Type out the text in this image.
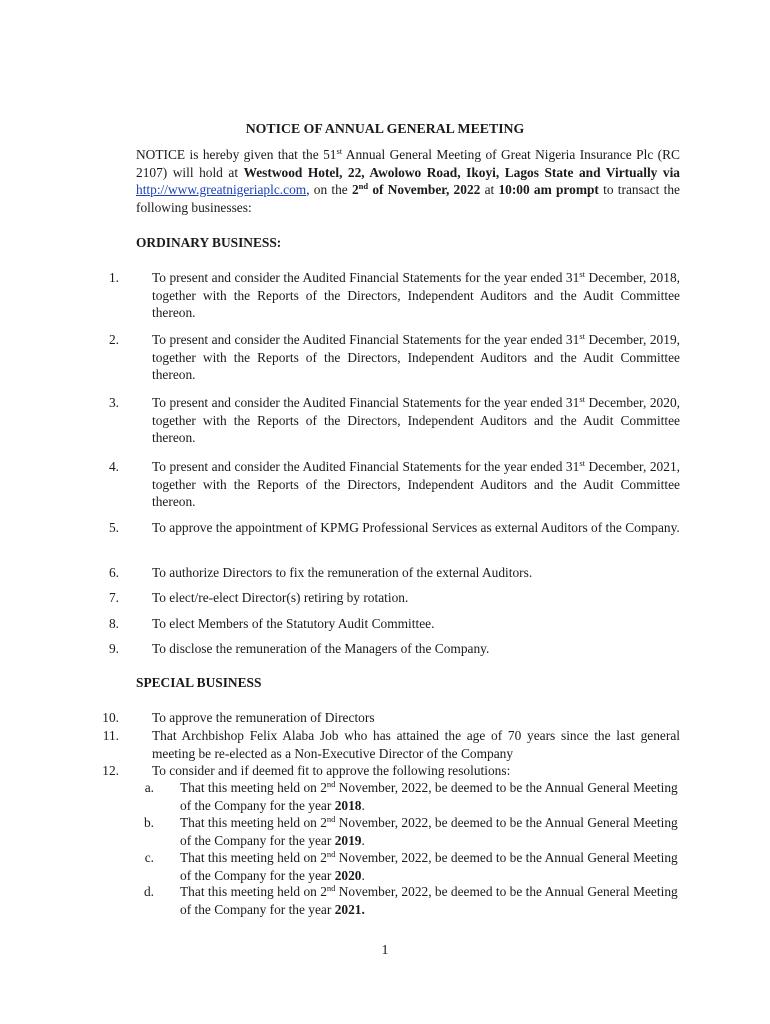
NOTICE OF ANNUAL GENERAL MEETING

NOTICE is hereby given that the 51st Annual General Meeting of Great Nigeria Insurance Plc (RC 2107) will hold at Westwood Hotel, 22, Awolowo Road, Ikoyi, Lagos State and Virtually via http://www.greatnigeriaplc.com, on the 2nd of November, 2022 at 10:00 am prompt to transact the following businesses:

ORDINARY BUSINESS:
1. To present and consider the Audited Financial Statements for the year ended 31st December, 2018, together with the Reports of the Directors, Independent Auditors and the Audit Committee thereon.

2. To present and consider the Audited Financial Statements for the year ended 31st December, 2019, together with the Reports of the Directors, Independent Auditors and the Audit Committee thereon.

3. To present and consider the Audited Financial Statements for the year ended 31st December, 2020, together with the Reports of the Directors, Independent Auditors and the Audit Committee thereon.

4. To present and consider the Audited Financial Statements for the year ended 31st December, 2021, together with the Reports of the Directors, Independent Auditors and the Audit Committee thereon.

5. To approve the appointment of KPMG Professional Services as external Auditors of the Company.
6. To authorize Directors to fix the remuneration of the external Auditors.
7. To elect/re-elect Director(s) retiring by rotation.
8. To elect Members of the Statutory Audit Committee.
9. To disclose the remuneration of the Managers of the Company.
SPECIAL BUSINESS
10. To approve the remuneration of Directors
11. That Archbishop Felix Alaba Job who has attained the age of 70 years since the last general meeting be re-elected as a Non-Executive Director of the Company
12. To consider and if deemed fit to approve the following resolutions:
a. That this meeting held on 2nd November, 2022, be deemed to be the Annual General Meeting of the Company for the year 2018.
b. That this meeting held on 2nd November, 2022, be deemed to be the Annual General Meeting of the Company for the year 2019.
c. That this meeting held on 2nd November, 2022, be deemed to be the Annual General Meeting of the Company for the year 2020.
d. That this meeting held on 2nd November, 2022, be deemed to be the Annual General Meeting of the Company for the year 2021.
1
